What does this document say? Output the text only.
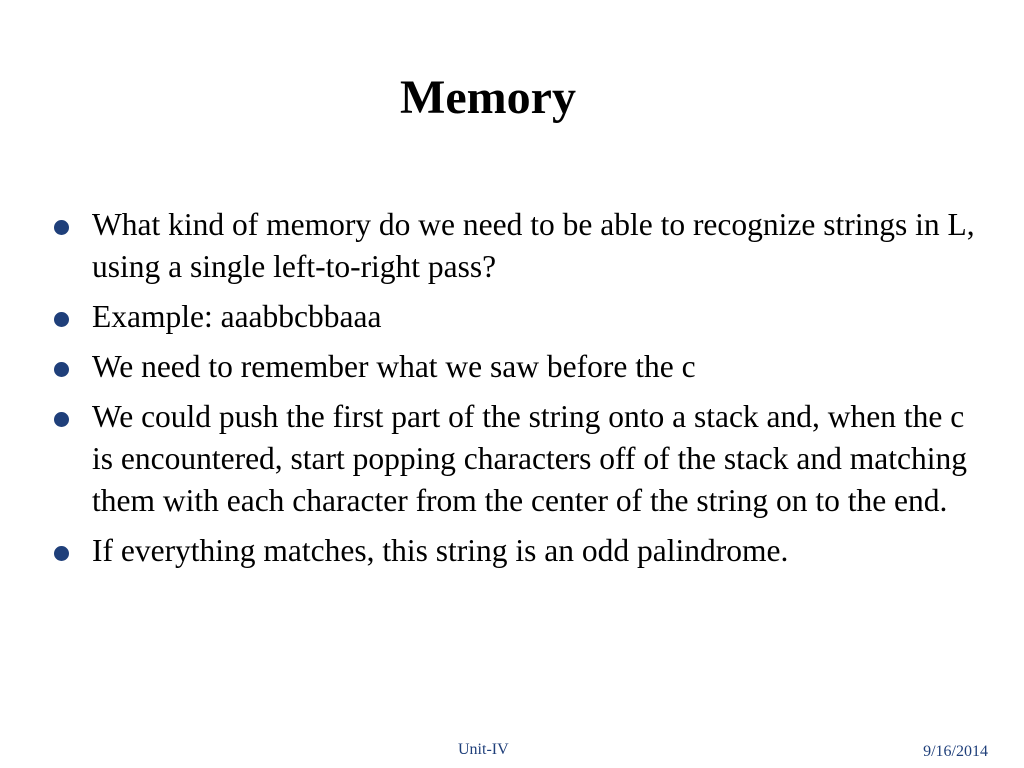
Memory
What kind of memory do we need to be able to recognize strings in L, using a single left-to-right pass?
Example: aaabbcbbaaa
We need to remember what we saw before the c
We could push the first part of the string onto a stack and, when the c is encountered, start popping characters off of the stack and matching them with each character from the center of the string on to the end.
If everything matches, this string is an odd palindrome.
Unit-IV	9/16/2014
